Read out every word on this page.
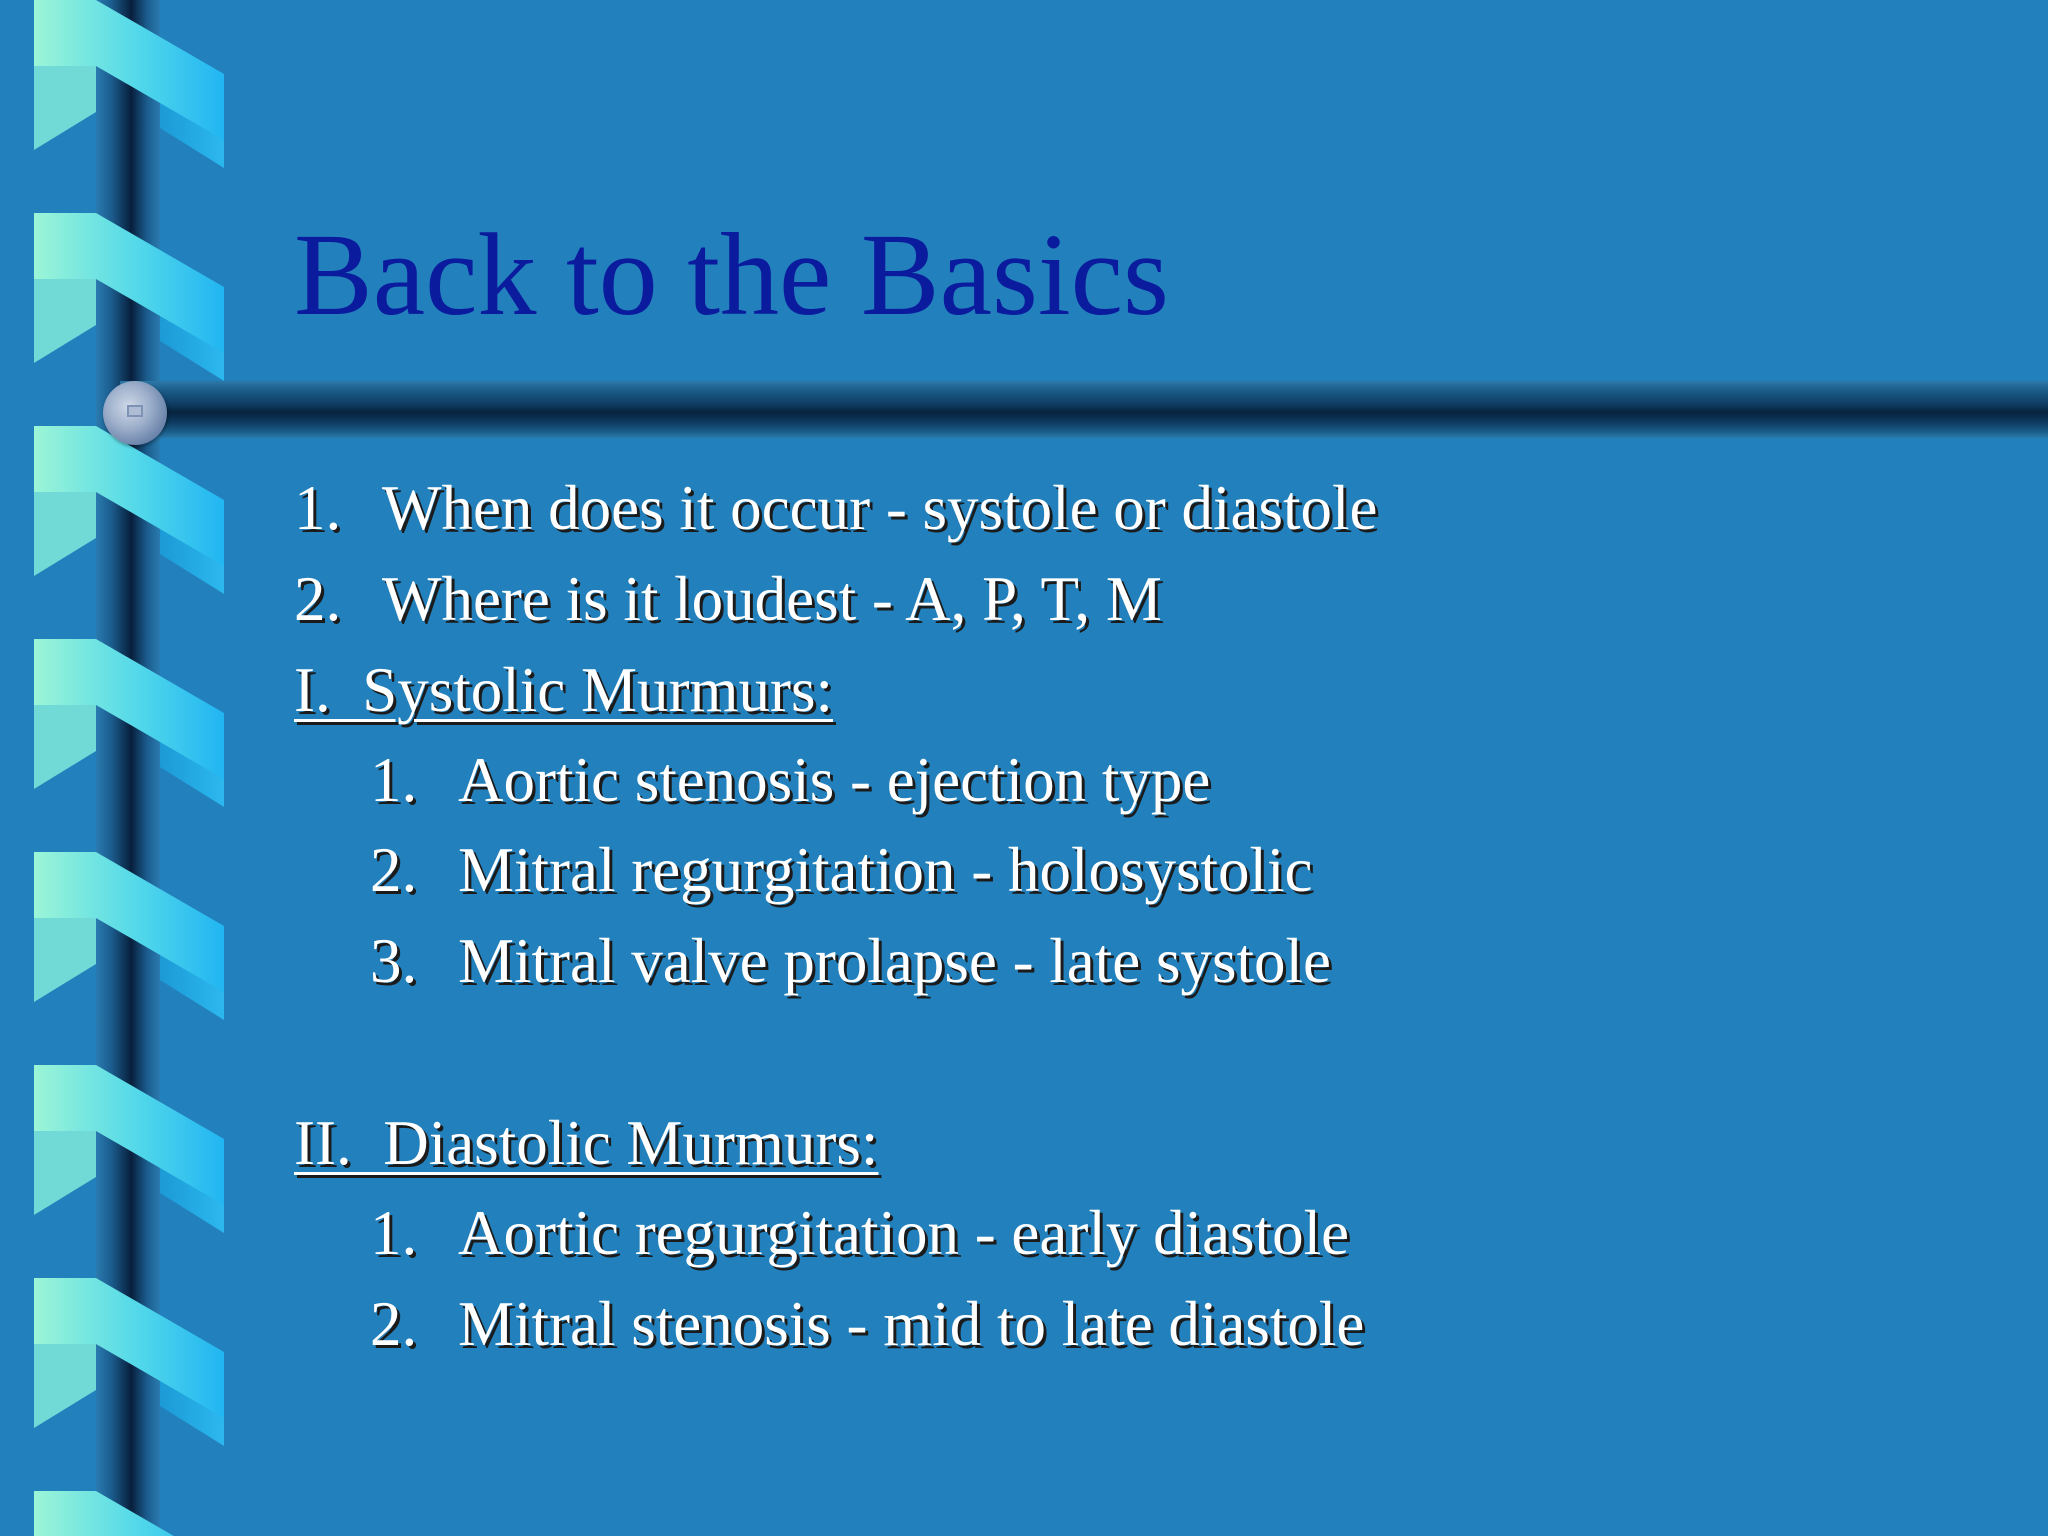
Back to the Basics

1. When does it occur - systole or diastole

2. Where is it loudest - A, P, T, M

I.  Systolic Murmurs:

1. Aortic stenosis - ejection type

2. Mitral regurgitation - holosystolic

3. Mitral valve prolapse - late systole

II.  Diastolic Murmurs:

1. Aortic regurgitation - early diastole

2. Mitral stenosis - mid to late diastole
